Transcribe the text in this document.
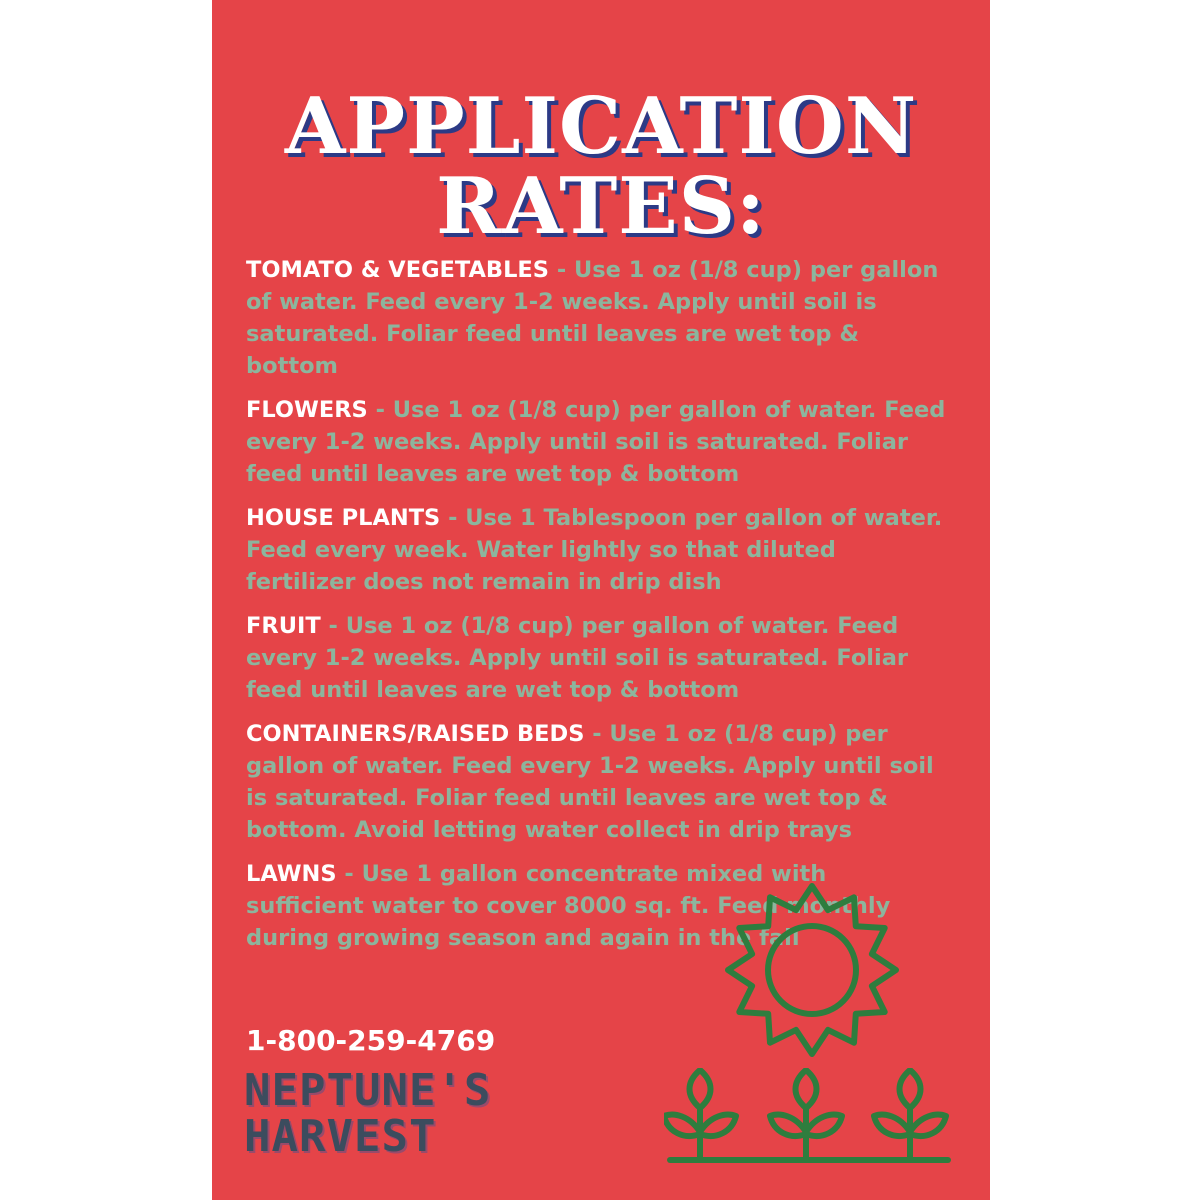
APPLICATION
RATES:

TOMATO & VEGETABLES - Use 1 oz (1/8 cup) per gallon of water. Feed every 1-2 weeks. Apply until soil is saturated. Foliar feed until leaves are wet top & bottom

FLOWERS - Use 1 oz (1/8 cup) per gallon of water. Feed every 1-2 weeks. Apply until soil is saturated. Foliar feed until leaves are wet top & bottom

HOUSE PLANTS - Use 1 Tablespoon per gallon of water. Feed every week. Water lightly so that diluted fertilizer does not remain in drip dish

FRUIT - Use 1 oz (1/8 cup) per gallon of water. Feed every 1-2 weeks. Apply until soil is saturated. Foliar feed until leaves are wet top & bottom

CONTAINERS/RAISED BEDS - Use 1 oz (1/8 cup) per gallon of water. Feed every 1-2 weeks. Apply until soil is saturated. Foliar feed until leaves are wet top & bottom. Avoid letting water collect in drip trays

LAWNS - Use 1 gallon concentrate mixed with sufficient water to cover 8000 sq. ft. Feed monthly during growing season and again in the fall

1-800-259-4769

NEPTUNE'S
HARVEST
